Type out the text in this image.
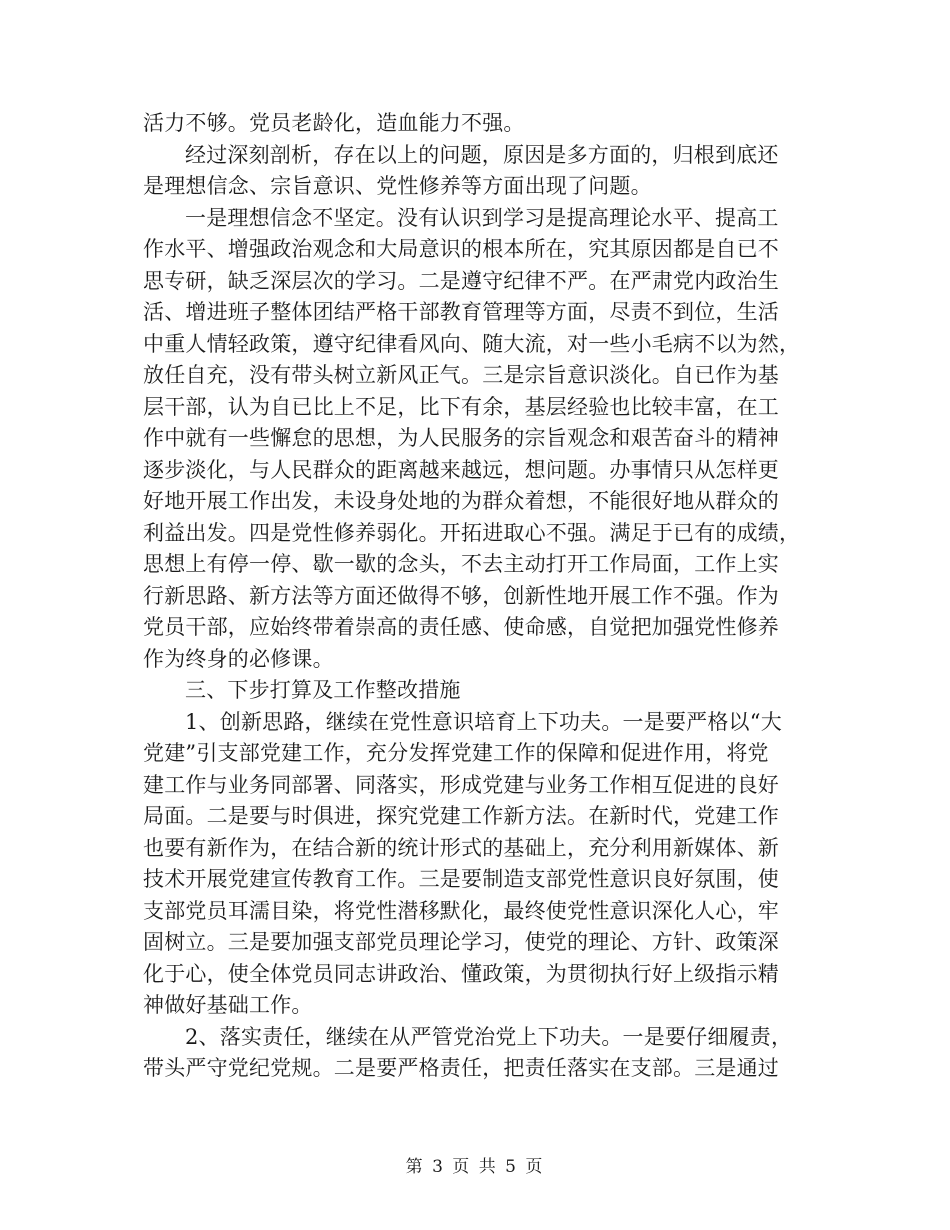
活力不够。党员老龄化，造血能力不强。
经过深刻剖析，存在以上的问题，原因是多方面的，归根到底还
是理想信念、宗旨意识、党性修养等方面出现了问题。
一是理想信念不坚定。没有认识到学习是提高理论水平、提高工
作水平、增强政治观念和大局意识的根本所在，究其原因都是自已不
思专研，缺乏深层次的学习。二是遵守纪律不严。在严肃党内政治生
活、增进班子整体团结严格干部教育管理等方面，尽责不到位，生活
中重人情轻政策，遵守纪律看风向、随大流，对一些小毛病不以为然，
放任自充，没有带头树立新风正气。三是宗旨意识淡化。自已作为基
层干部，认为自已比上不足，比下有余，基层经验也比较丰富，在工
作中就有一些懈怠的思想，为人民服务的宗旨观念和艰苦奋斗的精神
逐步淡化，与人民群众的距离越来越远，想问题。办事情只从怎样更
好地开展工作出发，未设身处地的为群众着想，不能很好地从群众的
利益出发。四是党性修养弱化。开拓进取心不强。满足于已有的成绩，
思想上有停一停、歇一歇的念头，不去主动打开工作局面，工作上实
行新思路、新方法等方面还做得不够，创新性地开展工作不强。作为
党员干部，应始终带着崇高的责任感、使命感，自觉把加强党性修养
作为终身的必修课。
三、下步打算及工作整改措施
1、创新思路，继续在党性意识培育上下功夫。一是要严格以“大
党建”引支部党建工作，充分发挥党建工作的保障和促进作用，将党
建工作与业务同部署、同落实，形成党建与业务工作相互促进的良好
局面。二是要与时俱进，探究党建工作新方法。在新时代，党建工作
也要有新作为，在结合新的统计形式的基础上，充分利用新媒体、新
技术开展党建宣传教育工作。三是要制造支部党性意识良好氛围，使
支部党员耳濡目染，将党性潜移默化，最终使党性意识深化人心，牢
固树立。三是要加强支部党员理论学习，使党的理论、方针、政策深
化于心，使全体党员同志讲政治、懂政策，为贯彻执行好上级指示精
神做好基础工作。
2、落实责任，继续在从严管党治党上下功夫。一是要仔细履责，
带头严守党纪党规。二是要严格责任，把责任落实在支部。三是通过
第 3 页 共 5 页
